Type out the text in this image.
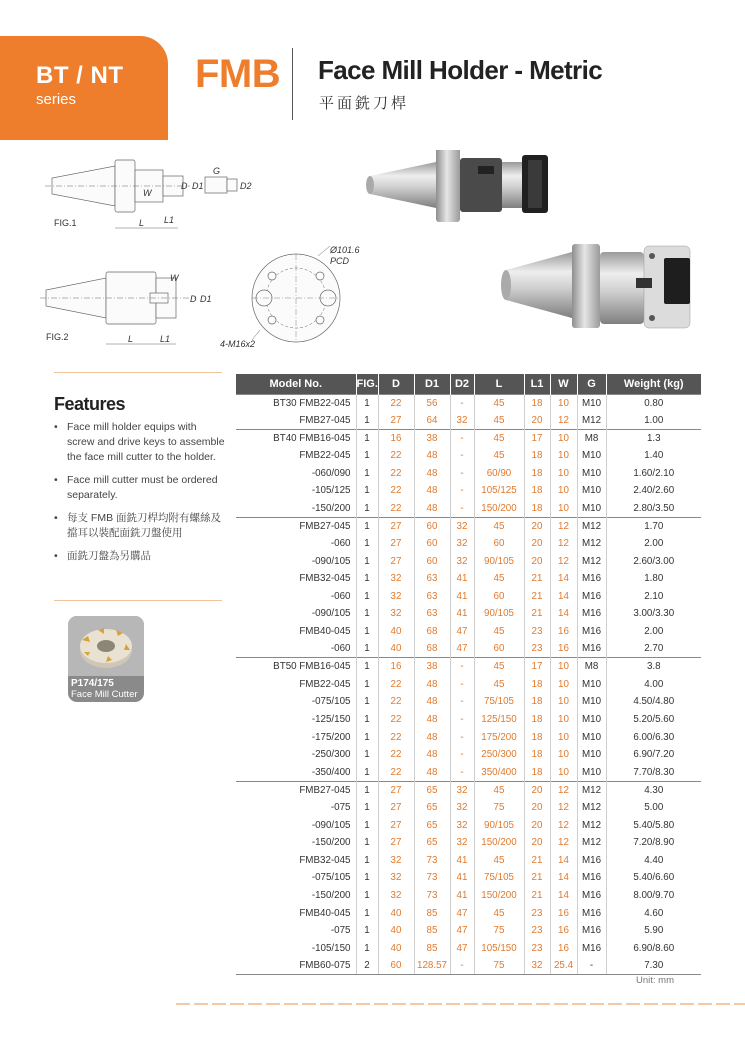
BT / NT
series
FMB Face Mill Holder - Metric
平面銑刀桿
W
D D1
G
D2
L L1
FIG.1
W
D D1
L	L1
FIG.2
Ø101.6
PCD
4-M16x2
Features
• Face mill holder equips with screw and drive keys to assemble the face mill cutter to the holder.
• Face mill cutter must be ordered separately.
• 每支 FMB 面銑刀桿均附有螺絲及擋耳以裝配面銑刀盤使用
• 面銑刀盤為另購品
P174/175
Face Mill Cutter
Model No.	FIG.	D	D1	D2	L	L1	W	G	Weight (kg)
BT30 FMB22-045	1	22	56	-	45	18	10	M10	0.80
FMB27-045	1	27	64	32	45	20	12	M12	1.00
BT40 FMB16-045	1	16	38	-	45	17	10	M8	1.3
FMB22-045	1	22	48	-	45	18	10	M10	1.40
-060/090	1	22	48	-	60/90	18	10	M10	1.60/2.10
-105/125	1	22	48	-	105/125	18	10	M10	2.40/2.60
-150/200	1	22	48	-	150/200	18	10	M10	2.80/3.50
FMB27-045	1	27	60	32	45	20	12	M12	1.70
-060	1	27	60	32	60	20	12	M12	2.00
-090/105	1	27	60	32	90/105	20	12	M12	2.60/3.00
FMB32-045	1	32	63	41	45	21	14	M16	1.80
-060	1	32	63	41	60	21	14	M16	2.10
-090/105	1	32	63	41	90/105	21	14	M16	3.00/3.30
FMB40-045	1	40	68	47	45	23	16	M16	2.00
-060	1	40	68	47	60	23	16	M16	2.70
BT50 FMB16-045	1	16	38	-	45	17	10	M8	3.8
FMB22-045	1	22	48	-	45	18	10	M10	4.00
-075/105	1	22	48	-	75/105	18	10	M10	4.50/4.80
-125/150	1	22	48	-	125/150	18	10	M10	5.20/5.60
-175/200	1	22	48	-	175/200	18	10	M10	6.00/6.30
-250/300	1	22	48	-	250/300	18	10	M10	6.90/7.20
-350/400	1	22	48	-	350/400	18	10	M10	7.70/8.30
FMB27-045	1	27	65	32	45	20	12	M12	4.30
-075	1	27	65	32	75	20	12	M12	5.00
-090/105	1	27	65	32	90/105	20	12	M12	5.40/5.80
-150/200	1	27	65	32	150/200	20	12	M12	7.20/8.90
FMB32-045	1	32	73	41	45	21	14	M16	4.40
-075/105	1	32	73	41	75/105	21	14	M16	5.40/6.60
-150/200	1	32	73	41	150/200	21	14	M16	8.00/9.70
FMB40-045	1	40	85	47	45	23	16	M16	4.60
-075	1	40	85	47	75	23	16	M16	5.90
-105/150	1	40	85	47	105/150	23	16	M16	6.90/8.60
FMB60-075	2	60	128.57	-	75	32	25.4	-	7.30
Unit: mm
